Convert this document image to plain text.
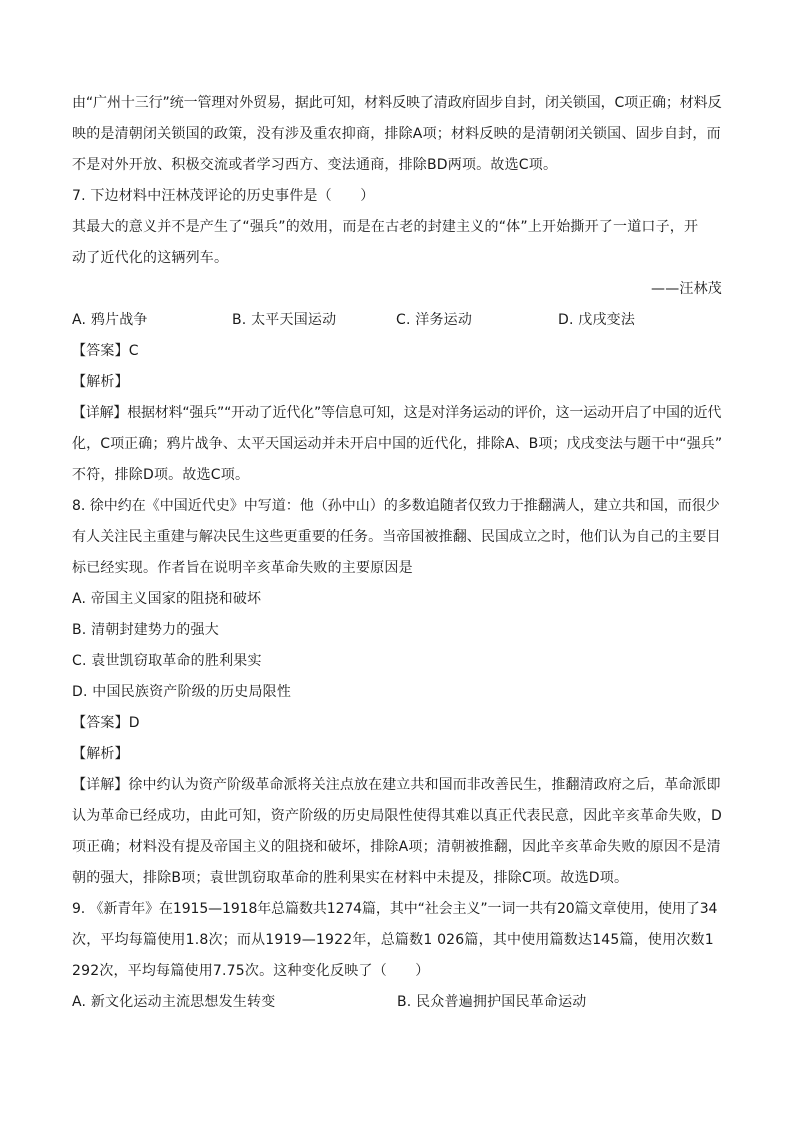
由“广州十三行”统一管理对外贸易，据此可知，材料反映了清政府固步自封，闭关锁国，C项正确；材料反
映的是清朝闭关锁国的政策，没有涉及重农抑商，排除A项；材料反映的是清朝闭关锁国、固步自封，而
不是对外开放、积极交流或者学习西方、变法通商，排除BD两项。故选C项。
7. 下边材料中汪林茂评论的历史事件是（　　）
其最大的意义并不是产生了“强兵”的效用，而是在古老的封建主义的“体”上开始撕开了一道口子，开
动了近代化的这辆列车。
——汪林茂
A. 鸦片战争	B. 太平天国运动	C. 洋务运动	D. 戊戌变法
【答案】C
【解析】
【详解】根据材料“强兵”“开动了近代化”等信息可知，这是对洋务运动的评价，这一运动开启了中国的近代
化，C项正确；鸦片战争、太平天国运动并未开启中国的近代化，排除A、B项；戊戌变法与题干中“强兵”
不符，排除D项。故选C项。
8. 徐中约在《中国近代史》中写道：他（孙中山）的多数追随者仅致力于推翻满人，建立共和国，而很少
有人关注民主重建与解决民生这些更重要的任务。当帝国被推翻、民国成立之时，他们认为自己的主要目
标已经实现。作者旨在说明辛亥革命失败的主要原因是
A. 帝国主义国家的阻挠和破坏
B. 清朝封建势力的强大
C. 袁世凯窃取革命的胜利果实
D. 中国民族资产阶级的历史局限性
【答案】D
【解析】
【详解】徐中约认为资产阶级革命派将关注点放在建立共和国而非改善民生，推翻清政府之后，革命派即
认为革命已经成功，由此可知，资产阶级的历史局限性使得其难以真正代表民意，因此辛亥革命失败，D
项正确；材料没有提及帝国主义的阻挠和破坏，排除A项；清朝被推翻，因此辛亥革命失败的原因不是清
朝的强大，排除B项；袁世凯窃取革命的胜利果实在材料中未提及，排除C项。故选D项。
9. 《新青年》在1915—1918年总篇数共1274篇，其中“社会主义”一词一共有20篇文章使用，使用了34
次，平均每篇使用1.8次；而从1919—1922年，总篇数1 026篇，其中使用篇数达145篇，使用次数1
292次，平均每篇使用7.75次。这种变化反映了（　　）
A. 新文化运动主流思想发生转变	B. 民众普遍拥护国民革命运动
